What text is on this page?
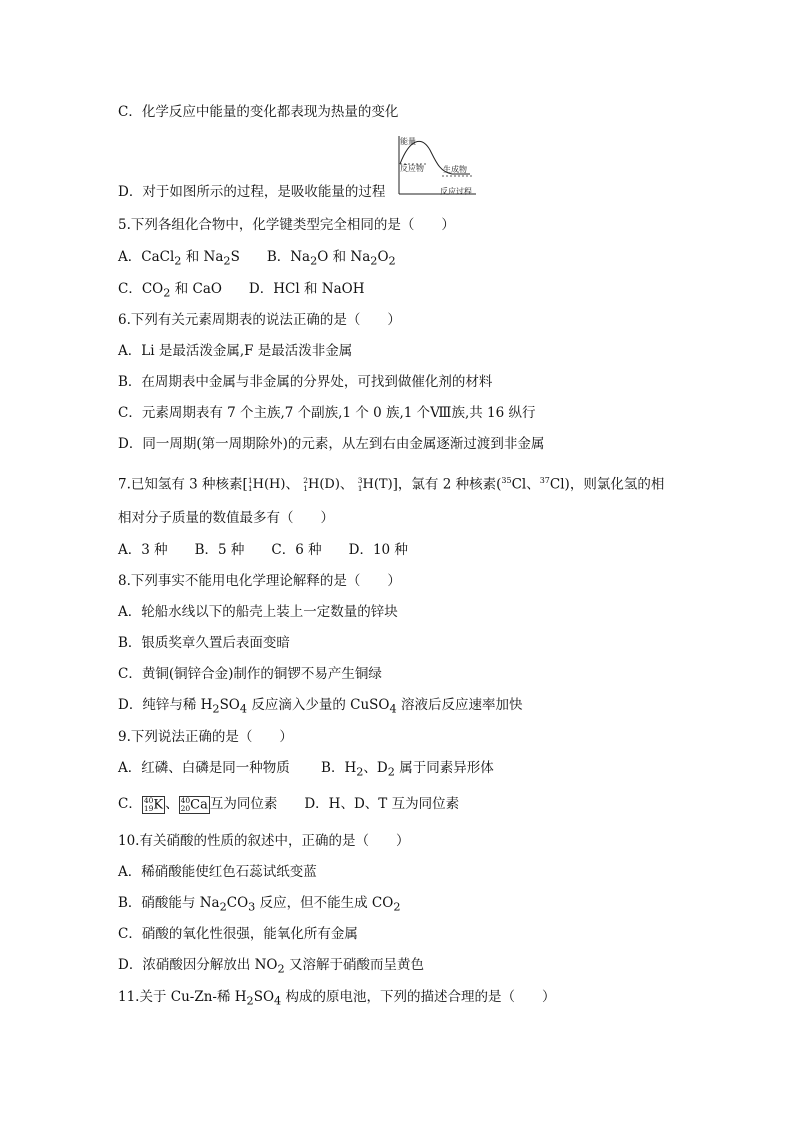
C．化学反应中能量的变化都表现为热量的变化
能量
反应物 生成物
反应过程
D．对于如图所示的过程，是吸收能量的过程
5.下列各组化合物中，化学键类型完全相同的是（　　）
A．CaCl$_2$ 和 $Na_2S$　　B．$Na_2O$ 和 $Na_2O_2$
C．$CO_2$ 和 CaO　　D．HCl 和 NaOH
6.下列有关元素周期表的说法正确的是（　　）
A．Li 是最活泼金属,F 是最活泼非金属
B．在周期表中金属与非金属的分界处，可找到做催化剂的材料
C．元素周期表有 7 个主族,7 个副族,1 个 0 族,1 个Ⅷ族,共 16 纵行
D．同一周期(第一周期除外)的元素，从左到右由金属逐渐过渡到非金属
7.已知氢有 3 种核素[ 1
1 H(H)、 2
1 H(D)、 3
1 H(T)]，氯有 2 种核素($^{35}$Cl、$^{37}$Cl)，则氯化氢的相
相对分子质量的数值最多有（　　）
A．3 种　　B．5 种　　C．6 种　　D．10 种
8.下列事实不能用电化学理论解释的是（　　）
A．轮船水线以下的船壳上装上一定数量的锌块
B．银质奖章久置后表面变暗
C．黄铜(铜锌合金)制作的铜锣不易产生铜绿
D．纯锌与稀 $H_2SO_4$ 反应滴入少量的 CuSO$_4$ 溶液后反应速率加快
9.下列说法正确的是（　　）
A．红磷、白磷是同一种物质　　 B．$H_2$、$D_2$ 属于同素异形体
C． 40
19 K 、 40
20 Ca 互为同位素　　D．H、D、T 互为同位素
10.有关硝酸的性质的叙述中，正确的是（　　）
A．稀硝酸能使红色石蕊试纸变蓝
B．硝酸能与 $Na_2CO_3$ 反应，但不能生成 $CO_2$
C．硝酸的氧化性很强，能氧化所有金属
D．浓硝酸因分解放出 $NO_2$ 又溶解于硝酸而呈黄色
11.关于 Cu-Zn-稀 $H_2SO_4$ 构成的原电池，下列的描述合理的是（　　）
